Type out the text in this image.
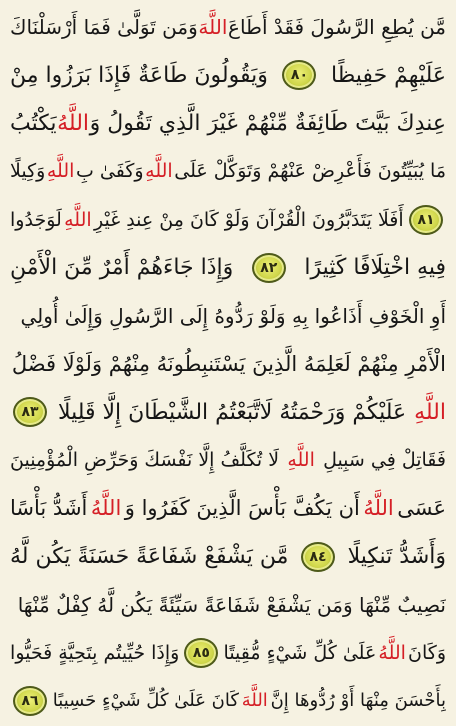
مَّن يُطِعِ الرَّسُولَ فَقَدْ أَطَاعَ
اللَّهَ
وَمَن تَوَلَّىٰ فَمَا أَرْسَلْنَاكَ
عَلَيْهِمْ حَفِيظًا
٨٠
وَيَقُولُونَ طَاعَةٌ فَإِذَا بَرَزُوا مِنْ
عِندِكَ بَيَّتَ طَائِفَةٌ مِّنْهُمْ غَيْرَ الَّذِي تَقُولُ وَ
اللَّهُ
يَكْتُبُ
مَا يُبَيِّتُونَ فَأَعْرِضْ عَنْهُمْ وَتَوَكَّلْ عَلَى
اللَّهِ
وَكَفَىٰ بِ
اللَّهِ
وَكِيلًا
٨١
أَفَلَا يَتَدَبَّرُونَ الْقُرْآنَ وَلَوْ كَانَ مِنْ عِندِ غَيْرِ
اللَّهِ
لَوَجَدُوا
فِيهِ اخْتِلَافًا كَثِيرًا
٨٢
وَإِذَا جَاءَهُمْ أَمْرٌ مِّنَ الْأَمْنِ
أَوِ الْخَوْفِ أَذَاعُوا بِهِ وَلَوْ رَدُّوهُ إِلَى الرَّسُولِ وَإِلَىٰ أُولِي
الْأَمْرِ مِنْهُمْ لَعَلِمَهُ الَّذِينَ يَسْتَنبِطُونَهُ مِنْهُمْ وَلَوْلَا فَضْلُ
اللَّهِ
عَلَيْكُمْ وَرَحْمَتُهُ لَاتَّبَعْتُمُ الشَّيْطَانَ إِلَّا قَلِيلًا
٨٣
فَقَاتِلْ فِي سَبِيلِ
اللَّهِ
لَا تُكَلَّفُ إِلَّا نَفْسَكَ وَحَرِّضِ الْمُؤْمِنِينَ
عَسَى
اللَّهُ
أَن يَكُفَّ بَأْسَ الَّذِينَ كَفَرُوا وَ
اللَّهُ
أَشَدُّ بَأْسًا
وَأَشَدُّ تَنكِيلًا
٨٤
مَّن يَشْفَعْ شَفَاعَةً حَسَنَةً يَكُن لَّهُ
نَصِيبٌ مِّنْهَا وَمَن يَشْفَعْ شَفَاعَةً سَيِّئَةً يَكُن لَّهُ كِفْلٌ مِّنْهَا
وَكَانَ
اللَّهُ
عَلَىٰ كُلِّ شَيْءٍ مُّقِيتًا
٨٥
وَإِذَا حُيِّيتُم بِتَحِيَّةٍ فَحَيُّوا
بِأَحْسَنَ مِنْهَا أَوْ رُدُّوهَا إِنَّ
اللَّهَ
كَانَ عَلَىٰ كُلِّ شَيْءٍ حَسِيبًا
٨٦
